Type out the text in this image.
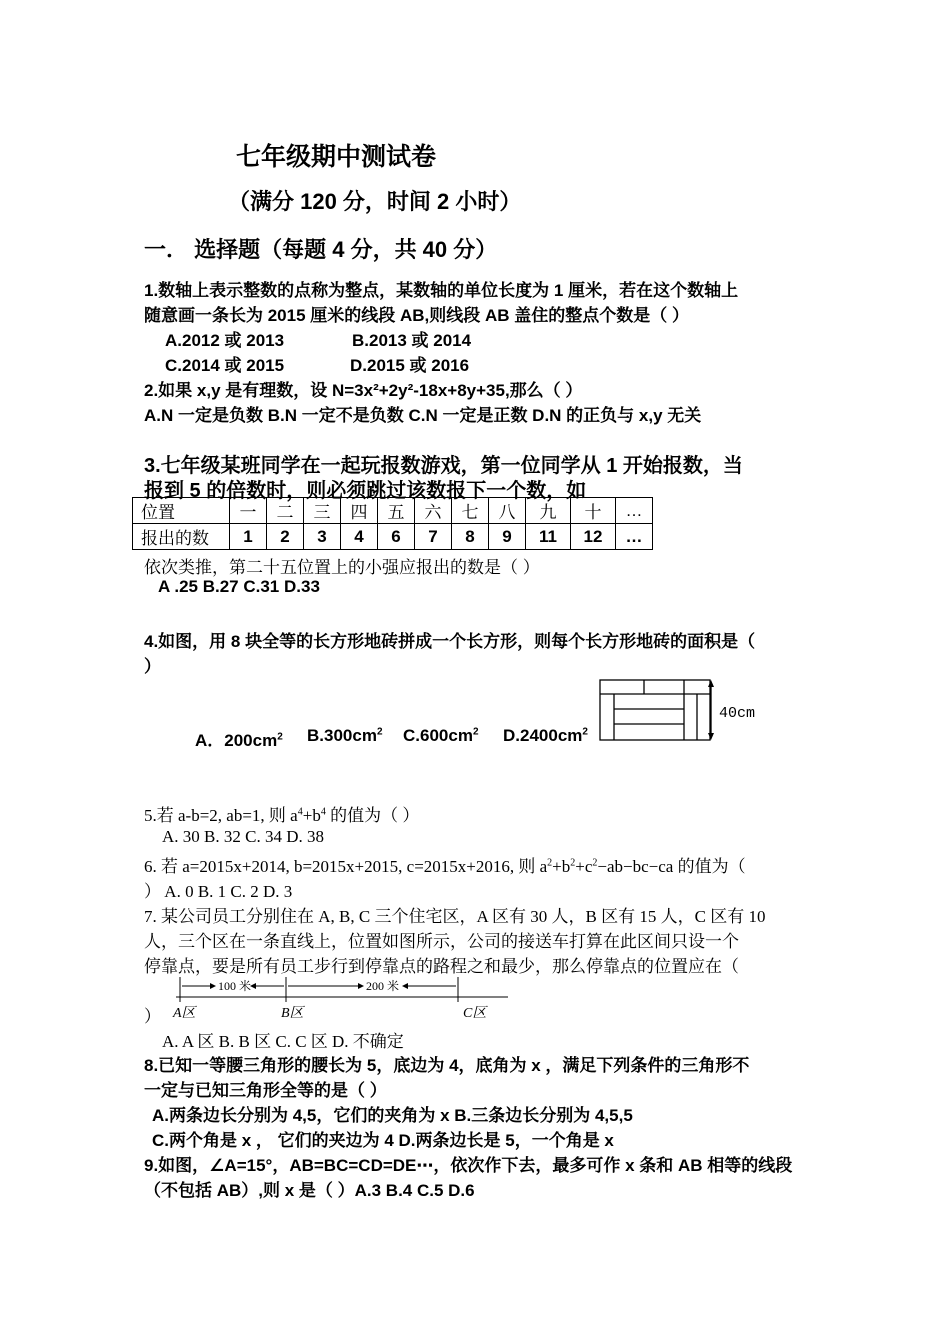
七年级期中测试卷
（满分 120 分，时间 2 小时）
一． 选择题（每题 4 分，共 40 分）
1.数轴上表示整数的点称为整点，某数轴的单位长度为 1 厘米，若在这个数轴上
随意画一条长为 2015 厘米的线段 AB,则线段 AB 盖住的整点个数是（ ）
A.2012 或 2013	B.2013 或 2014
C.2014 或 2015	D.2015 或 2016
2.如果 x,y 是有理数，设 N=3x²+2y²-18x+8y+35,那么（ ）
A.N 一定是负数 B.N 一定不是负数 C.N 一定是正数 D.N 的正负与 x,y 无关
3.七年级某班同学在一起玩报数游戏，第一位同学从 1 开始报数，当
报到 5 的倍数时，则必须跳过该数报下一个数，如
位置	一	二	三	四	五	六	七	八	九	十	…
报出的数	1	2	3	4	6	7	8	9	11	12	…
依次类推，第二十五位置上的小强应报出的数是（ ）
A .25 B.27 C.31 D.33
4.如图，用 8 块全等的长方形地砖拼成一个长方形，则每个长方形地砖的面积是（
）
A．$200cm^2$ $B.300cm^2$ $C.600cm^2$ $D.2400cm^2$
40cm
5.若 a-b=2, ab=1, 则 $a^4+b^4$ 的值为（ ）
A. 30 B. 32 C. 34 D. 38
6. 若 a=2015x+2014, b=2015x+2015, c=2015x+2016, 则 $a^2+b^2+c^2-ab-bc-ca$ 的值为（
） A. 0 B. 1 C. 2 D. 3
7. 某公司员工分别住在 A, B, C 三个住宅区，A 区有 30 人，B 区有 15 人，C 区有 10
人，三个区在一条直线上，位置如图所示，公司的接送车打算在此区间只设一个
停靠点，要是所有员工步行到停靠点的路程之和最少，那么停靠点的位置应在（
）
100 米	200 米
A区	B区	C区
A. A 区 B. B 区 C. C 区 D. 不确定
8.已知一等腰三角形的腰长为 5，底边为 4，底角为 x ，满足下列条件的三角形不
一定与已知三角形全等的是（ ）
A.两条边长分别为 4,5，它们的夹角为 x B.三条边长分别为 4,5,5
C.两个角是 x ， 它们的夹边为 4 D.两条边长是 5，一个角是 x
9.如图，∠A=15°，AB=BC=CD=DE⋯，依次作下去，最多可作 x 条和 AB 相等的线段
（不包括 AB）,则 x 是（ ）A.3 B.4 C.5 D.6
